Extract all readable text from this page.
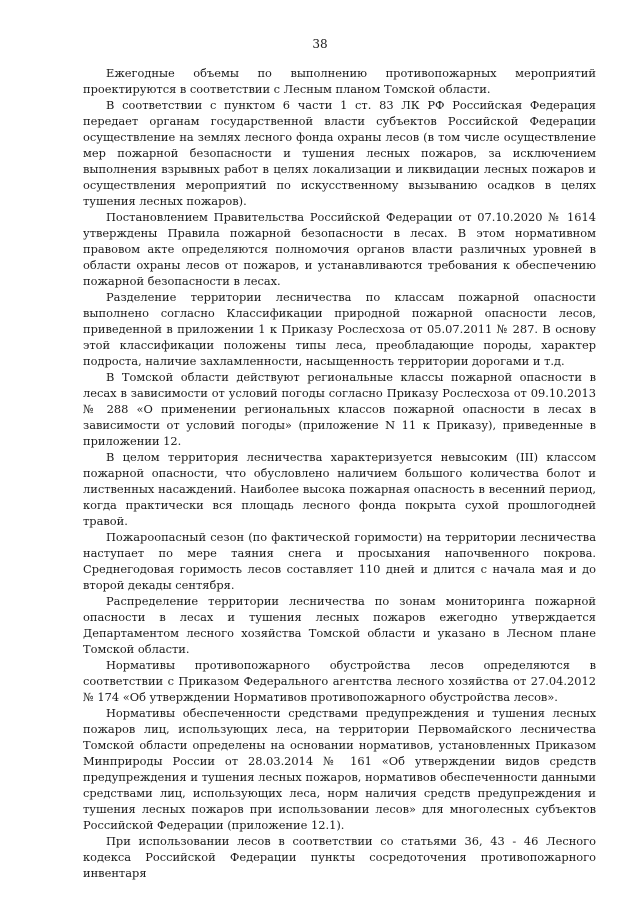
38

Ежегодные объемы по выполнению противопожарных мероприятий проектируются в соответствии с Лесным планом Томской области.

В соответствии с пунктом 6 части 1 ст. 83 ЛК РФ Российская Федерация передает органам государственной власти субъектов Российской Федерации осуществление на землях лесного фонда охраны лесов (в том числе осуществление мер пожарной безопасности и тушения лесных пожаров, за исключением выполнения взрывных работ в целях локализации и ликвидации лесных пожаров и осуществления мероприятий по искусственному вызыванию осадков в целях тушения лесных пожаров).

Постановлением Правительства Российской Федерации от 07.10.2020 № 1614 утверждены Правила пожарной безопасности в лесах. В этом нормативном правовом акте определяются полномочия органов власти различных уровней в области охраны лесов от пожаров, и устанавливаются требования к обеспечению пожарной безопасности в лесах.

Разделение территории лесничества по классам пожарной опасности выполнено согласно Классификации природной пожарной опасности лесов, приведенной в приложении 1 к Приказу Рослесхоза от 05.07.2011 № 287. В основу этой классификации положены типы леса, преобладающие породы, характер подроста, наличие захламленности, насыщенность территории дорогами и т.д.

В Томской области действуют региональные классы пожарной опасности в лесах в зависимости от условий погоды согласно Приказу Рослесхоза от 09.10.2013 № 288 «О применении региональных классов пожарной опасности в лесах в зависимости от условий погоды» (приложение N 11 к Приказу), приведенные в приложении 12.

В целом территория лесничества характеризуется невысоким (III) классом пожарной опасности, что обусловлено наличием большого количества болот и лиственных насаждений. Наиболее высока пожарная опасность в весенний период, когда практически вся площадь лесного фонда покрыта сухой прошлогодней травой.

Пожароопасный сезон (по фактической горимости) на территории лесничества наступает по мере таяния снега и просыхания напочвенного покрова. Среднегодовая горимость лесов составляет 110 дней и длится с начала мая и до второй декады сентября.

Распределение территории лесничества по зонам мониторинга пожарной опасности в лесах и тушения лесных пожаров ежегодно утверждается Департаментом лесного хозяйства Томской области и указано в Лесном плане Томской области.

Нормативы противопожарного обустройства лесов определяются в соответствии с Приказом Федерального агентства лесного хозяйства от 27.04.2012 № 174 «Об утверждении Нормативов противопожарного обустройства лесов».

Нормативы обеспеченности средствами предупреждения и тушения лесных пожаров лиц, использующих леса, на территории Первомайского лесничества Томской области определены на основании нормативов, установленных Приказом Минприроды России от 28.03.2014 № 161 «Об утверждении видов средств предупреждения и тушения лесных пожаров, нормативов обеспеченности данными средствами лиц, использующих леса, норм наличия средств предупреждения и тушения лесных пожаров при использовании лесов» для многолесных субъектов Российской Федерации (приложение 12.1).

При использовании лесов в соответствии со статьями 36, 43 - 46 Лесного кодекса Российской Федерации пункты сосредоточения противопожарного инвентаря
